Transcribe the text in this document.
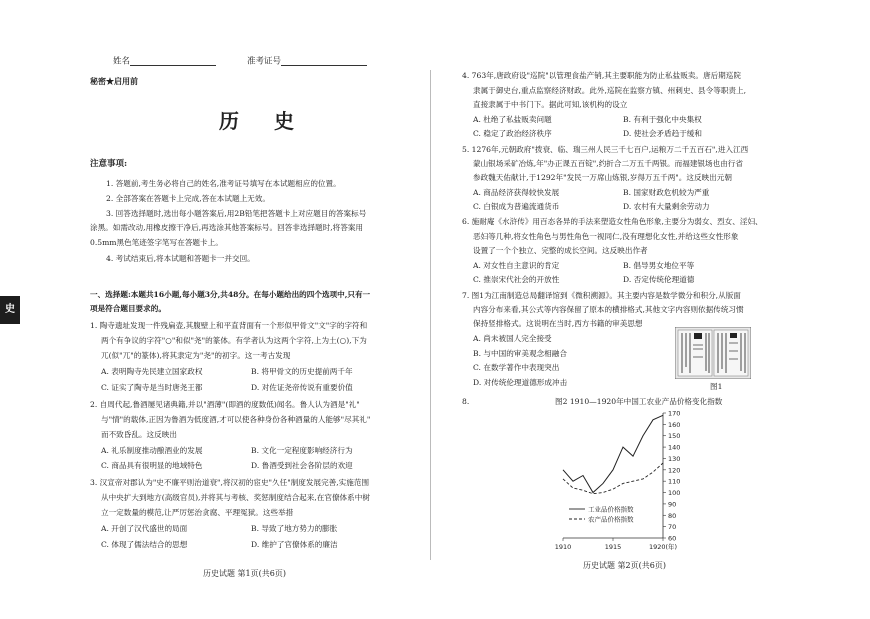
姓名	准考证号
秘密★启用前
历 史
史
注意事项:
1. 答题前,考生务必将自己的姓名,准考证号填写在本试题相应的位置。
2. 全部答案在答题卡上完成,答在本试题上无效。
3. 回答选择题时,选出每小题答案后,用2B铅笔把答题卡上对应题目的答案标号
涂黑。如需改动,用橡皮擦干净后,再选涂其他答案标号。回答非选择题时,将答案用
0.5mm黑色笔迹签字笔写在答题卡上。
4. 考试结束后,将本试题和答题卡一并交回。
一、选择题:本题共16小题,每小题3分,共48分。在每小题给出的四个选项中,只有一
项是符合题目要求的。
1. 陶寺遗址发现一件残扁壶,其腹壁上和平直背面有一个形似甲骨文"文"字的字符和
两个有争议的字符"○"和似"尧"的篆体。有学者认为这两个字符,上为土(○),下为
兀(似"兀"的篆体),将其隶定为"尧"的初字。这一考古发现
A. 表明陶寺先民建立国家政权	B. 将甲骨文的历史提前两千年
C. 证实了陶寺是当时唐尧王都	D. 对佐证尧帝传说有重要价值
2. 自周代起,鲁酒屡见诸典籍,并以"酒薄"(即酒的度数低)闻名。鲁人认为酒是"礼"
与"情"的载体,正因为鲁酒为低度酒,才可以使各种身份各种酒量的人能够"尽其礼"
而不致昏乱。这反映出
A. 礼乐制度推动酿酒业的发展	B. 文化一定程度影响经济行为
C. 商品具有很明显的地域特色	D. 鲁酒受到社会各阶层的欢迎
3. 汉宣帝对郡认为"史不廉平则治道衰",将汉初的宦史"久任"制度发展完善,实施范围
从中央扩大到地方(高级官员),并将其与考核、奖惩制度结合起来,在官僚体系中树
立一定数量的模范,让严厉惩治贪腐、平理冤狱。这些举措
A. 开创了汉代盛世的局面	B. 导致了地方势力的膨胀
C. 体现了儒法结合的思想	D. 维护了官僚体系的廉洁
历史试题 第1页(共6页)
4. 763年,唐政府设"巡院"以管理食盐产销,其主要职能为防止私盐贩卖。唐后期巡院
隶属于御史台,重点监察经济财政。此外,巡院在监察方镇、州刺史、县令等职责上,
直接隶属于中书门下。据此可知,该机构的设立
A. 杜绝了私盐贩卖问题	B. 有利于强化中央集权
C. 稳定了政治经济秩序	D. 使社会矛盾趋于缓和
5. 1276年,元朝政府"拨衰、临、瑞三州人民三千七百户,运粮万二千五百石",进入江西
蒙山银场采矿冶炼,年"办正课五百锭",约折合二万五千两银。而福建银场也由行省
参政魏天佑献计,于1292年"发民一万席山炼银,岁得万五千两"。这反映出元朝
A. 商品经济获得较快发展	B. 国家财政危机较为严重
C. 白银成为普遍流通货币	D. 农村有大量剩余劳动力
6. 施耐庵《水浒传》用百态各异的手法来塑造女性角色形象,主要分为弱女、烈女、淫妇、
恶妇等几种,将女性角色与男性角色一视同仁,没有理想化女性,并给这些女性形象
设置了一个个独立、完整的成长空间。这反映出作者
A. 对女性自主意识的肯定	B. 倡导男女地位平等
C. 推崇宋代社会的开放性	D. 否定传统伦理道德
7. 图1为江南制造总局翻译馆到《微积溯源》。其主要内容是数学微分和积分,从版面
内容分布来看,其公式等内容保留了原本的横排格式,其他文字内容则依据传统习惯
保持竖排格式。这说明在当时,西方书籍的审美思想
A. 尚未被国人完全接受
B. 与中国的审美观念相融合
C. 在数学著作中表现突出
D. 对传统伦理道德形成冲击	图1
8.	图2 1910—1920年中国工农业产品价格变化指数
60
70
80
90
100
110
120
130
140
150
160
170
1910	1915	1920(年)
工业品价格指数
农产品价格指数
历史试题 第2页(共6页)
